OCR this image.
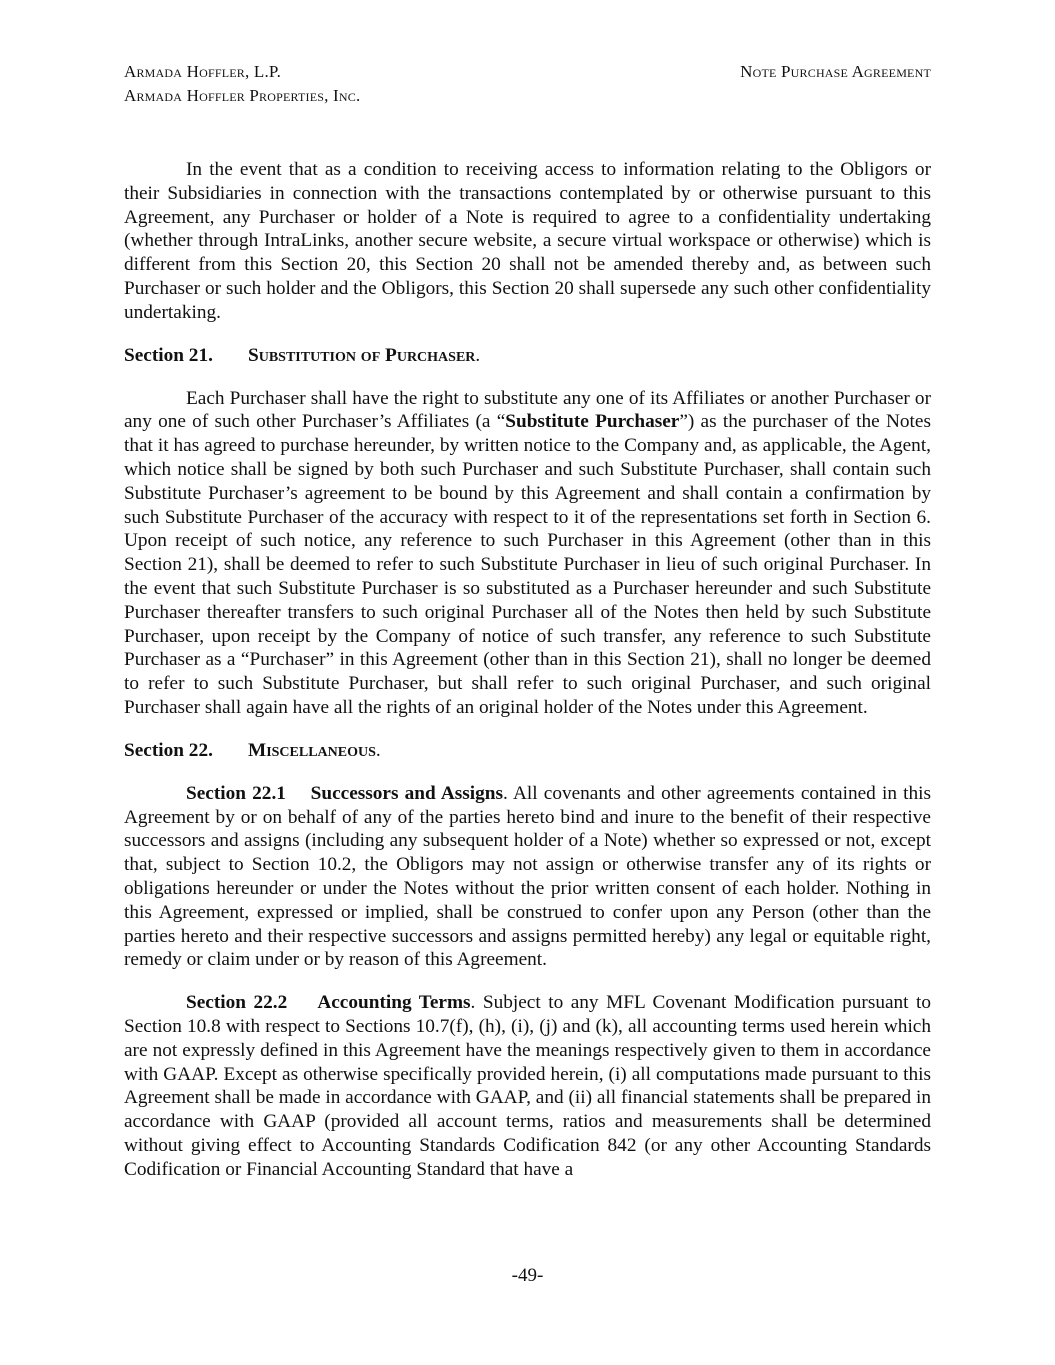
Armada Hoffler, L.P.
Armada Hoffler Properties, Inc.
Note Purchase Agreement

In the event that as a condition to receiving access to information relating to the Obligors or their Subsidiaries in connection with the transactions contemplated by or otherwise pursuant to this Agreement, any Purchaser or holder of a Note is required to agree to a confidentiality undertaking (whether through IntraLinks, another secure website, a secure virtual workspace or otherwise) which is different from this Section 20, this Section 20 shall not be amended thereby and, as between such Purchaser or such holder and the Obligors, this Section 20 shall supersede any such other confidentiality undertaking.

Section 21. Substitution of Purchaser.

Each Purchaser shall have the right to substitute any one of its Affiliates or another Purchaser or any one of such other Purchaser’s Affiliates (a “Substitute Purchaser”) as the purchaser of the Notes that it has agreed to purchase hereunder, by written notice to the Company and, as applicable, the Agent, which notice shall be signed by both such Purchaser and such Substitute Purchaser, shall contain such Substitute Purchaser’s agreement to be bound by this Agreement and shall contain a confirmation by such Substitute Purchaser of the accuracy with respect to it of the representations set forth in Section 6. Upon receipt of such notice, any reference to such Purchaser in this Agreement (other than in this Section 21), shall be deemed to refer to such Substitute Purchaser in lieu of such original Purchaser. In the event that such Substitute Purchaser is so substituted as a Purchaser hereunder and such Substitute Purchaser thereafter transfers to such original Purchaser all of the Notes then held by such Substitute Purchaser, upon receipt by the Company of notice of such transfer, any reference to such Substitute Purchaser as a “Purchaser” in this Agreement (other than in this Section 21), shall no longer be deemed to refer to such Substitute Purchaser, but shall refer to such original Purchaser, and such original Purchaser shall again have all the rights of an original holder of the Notes under this Agreement.

Section 22. Miscellaneous.

Section 22.1 Successors and Assigns. All covenants and other agreements contained in this Agreement by or on behalf of any of the parties hereto bind and inure to the benefit of their respective successors and assigns (including any subsequent holder of a Note) whether so expressed or not, except that, subject to Section 10.2, the Obligors may not assign or otherwise transfer any of its rights or obligations hereunder or under the Notes without the prior written consent of each holder. Nothing in this Agreement, expressed or implied, shall be construed to confer upon any Person (other than the parties hereto and their respective successors and assigns permitted hereby) any legal or equitable right, remedy or claim under or by reason of this Agreement.

Section 22.2 Accounting Terms. Subject to any MFL Covenant Modification pursuant to Section 10.8 with respect to Sections 10.7(f), (h), (i), (j) and (k), all accounting terms used herein which are not expressly defined in this Agreement have the meanings respectively given to them in accordance with GAAP. Except as otherwise specifically provided herein, (i) all computations made pursuant to this Agreement shall be made in accordance with GAAP, and (ii) all financial statements shall be prepared in accordance with GAAP (provided all account terms, ratios and measurements shall be determined without giving effect to Accounting Standards Codification 842 (or any other Accounting Standards Codification or Financial Accounting Standard that have a

-49-
